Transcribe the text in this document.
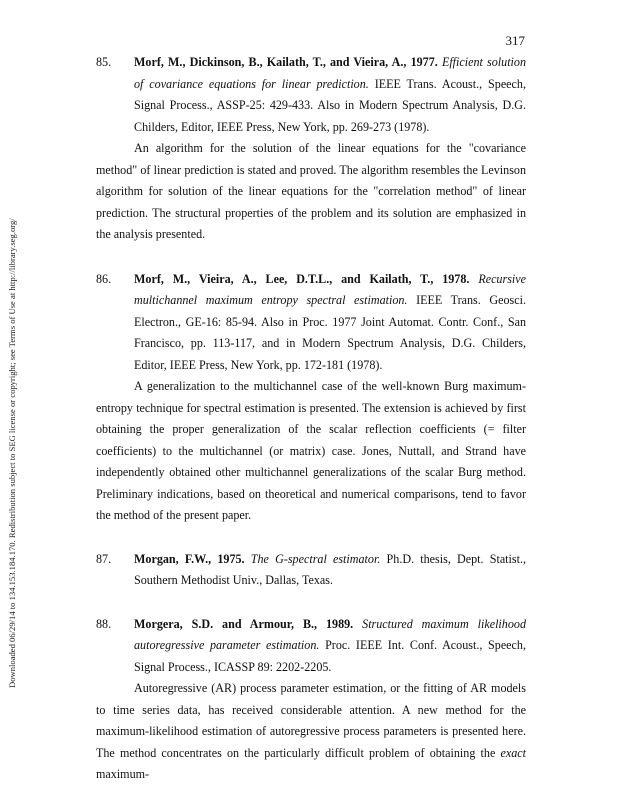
317
Downloaded 06/29/14 to 134.153.184.170. Redistribution subject to SEG license or copyright; see Terms of Use at http://library.seg.org/
85. Morf, M., Dickinson, B., Kailath, T., and Vieira, A., 1977. Efficient solution of covariance equations for linear prediction. IEEE Trans. Acoust., Speech, Signal Process., ASSP-25: 429-433. Also in Modern Spectrum Analysis, D.G. Childers, Editor, IEEE Press, New York, pp. 269-273 (1978).

An algorithm for the solution of the linear equations for the "covariance method" of linear prediction is stated and proved. The algorithm resembles the Levinson algorithm for solution of the linear equations for the "correlation method" of linear prediction. The structural properties of the problem and its solution are emphasized in the analysis presented.

86. Morf, M., Vieira, A., Lee, D.T.L., and Kailath, T., 1978. Recursive multichannel maximum entropy spectral estimation. IEEE Trans. Geosci. Electron., GE-16: 85-94. Also in Proc. 1977 Joint Automat. Contr. Conf., San Francisco, pp. 113-117, and in Modern Spectrum Analysis, D.G. Childers, Editor, IEEE Press, New York, pp. 172-181 (1978).

A generalization to the multichannel case of the well-known Burg maximum-entropy technique for spectral estimation is presented. The extension is achieved by first obtaining the proper generalization of the scalar reflection coefficients (= filter coefficients) to the multichannel (or matrix) case. Jones, Nuttall, and Strand have independently obtained other multichannel generalizations of the scalar Burg method. Preliminary indications, based on theoretical and numerical comparisons, tend to favor the method of the present paper.

87. Morgan, F.W., 1975. The G-spectral estimator. Ph.D. thesis, Dept. Statist., Southern Methodist Univ., Dallas, Texas.
88. Morgera, S.D. and Armour, B., 1989. Structured maximum likelihood autoregressive parameter estimation. Proc. IEEE Int. Conf. Acoust., Speech, Signal Process., ICASSP 89: 2202-2205.

Autoregressive (AR) process parameter estimation, or the fitting of AR models to time series data, has received considerable attention. A new method for the maximum-likelihood estimation of autoregressive process parameters is presented here. The method concentrates on the particularly difficult problem of obtaining the exact maximum-
